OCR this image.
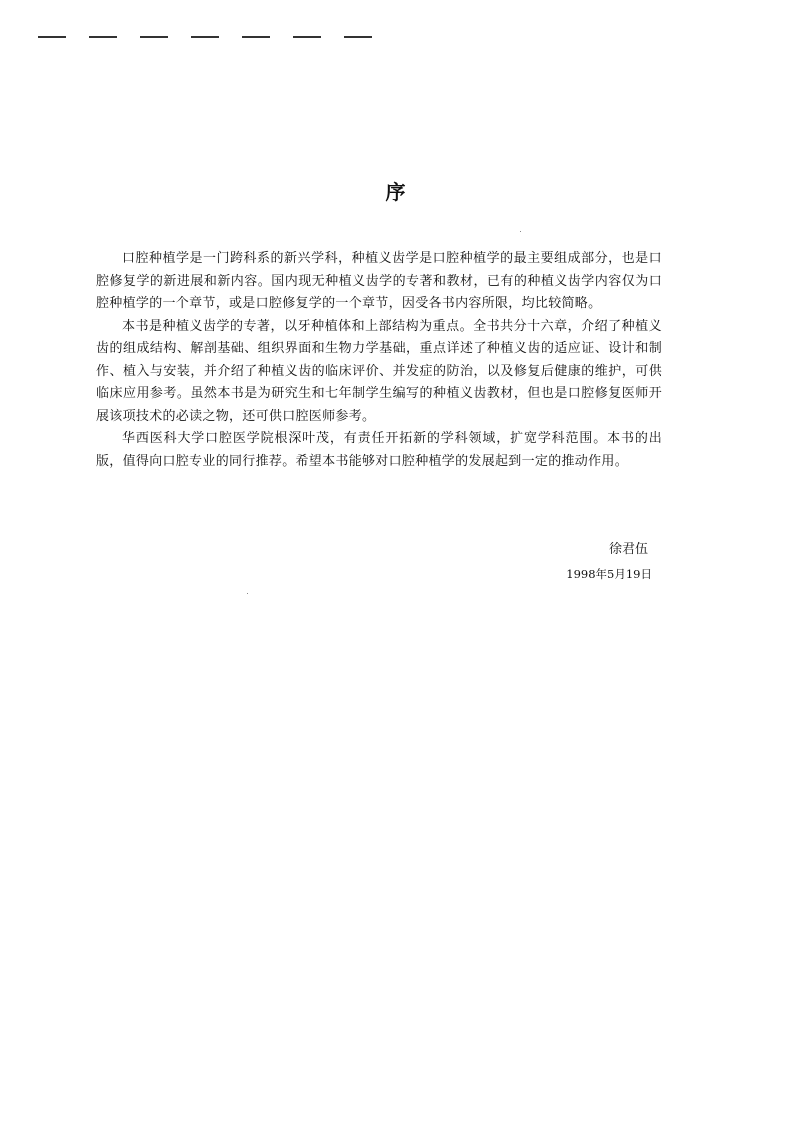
序

口腔种植学是一门跨科系的新兴学科，种植义齿学是口腔种植学的最主要组成部分，也是口腔修复学的新进展和新内容。国内现无种植义齿学的专著和教材，已有的种植义齿学内容仅为口腔种植学的一个章节，或是口腔修复学的一个章节，因受各书内容所限，均比较简略。

本书是种植义齿学的专著，以牙种植体和上部结构为重点。全书共分十六章，介绍了种植义齿的组成结构、解剖基础、组织界面和生物力学基础，重点详述了种植义齿的适应证、设计和制作、植入与安装，并介绍了种植义齿的临床评价、并发症的防治，以及修复后健康的维护，可供临床应用参考。虽然本书是为研究生和七年制学生编写的种植义齿教材，但也是口腔修复医师开展该项技术的必读之物，还可供口腔医师参考。

华西医科大学口腔医学院根深叶茂，有责任开拓新的学科领域，扩宽学科范围。本书的出版，值得向口腔专业的同行推荐。希望本书能够对口腔种植学的发展起到一定的推动作用。

徐君伍
1998年5月19日
